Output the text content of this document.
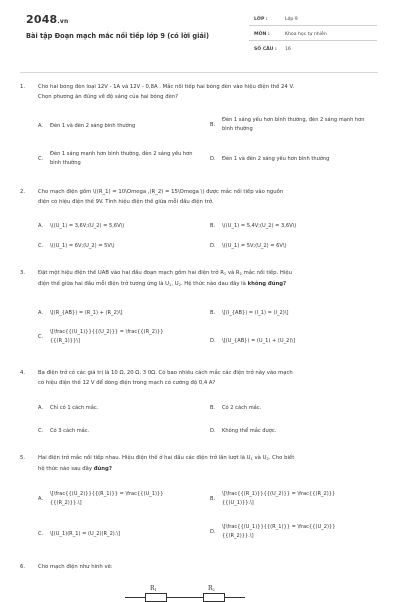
2048.vn
Bài tập Đoạn mạch mắc nối tiếp lớp 9 (có lời giải)
LỚP :	Lớp 9
MÔN :	Khoa học tự nhiên
SỐ CÂU : 16
1. Cho hai bóng đèn loại 12V - 1A và 12V - 0,8A . Mắc nối tiếp hai bóng đèn vào hiệu điện thế 24 V.
Chọn phương án đúng về độ sáng của hai bóng đèn?
A. Đèn 1 và đèn 2 sáng bình thường	B.
Đèn 1 sáng yếu hơn bình thường, đèn 2 sáng mạnh hơn bình thường
C.
Đèn 1 sáng mạnh hơn bình thường, đèn 2 sáng yếu hơn bình thường
D. Đèn 1 và đèn 2 sáng yếu hơn bình thường
2. Cho mạch điện gồm \((R_1) = 10\Omega ,(R_2) = 15\Omega \) được mắc nối tiếp vào nguồn
điện có hiệu điện thế 9V. Tính hiệu điện thế giữa mỗi đầu điện trở.
A. \((U_1) = 3,6V;(U_2) = 5,6V\)	B. \((U_1) = 5,4V;(U_2) = 3,6V\)
C. \((U_1) = 6V;(U_2) = 5V\)	D. \((U_1) = 5V;(U_2) = 6V\)
3. Đặt một hiệu điện thế UAB vào hai đầu đoạn mạch gồm hai điện trở $R_1$ và $R_2$ mắc nối tiếp. Hiệu
điện thế giữa hai đầu mỗi điện trở tương ứng là $U_1$, $U_2$. Hệ thức nào dau đây là không đúng?
A. \[(R_{AB}) = (R_1) + (R_2)\]	B. \[(I_{AB}) = (I_1) = (I_2)\]
C.
\[\frac{{(U_1)}}{{(U_2)}} = \frac{{(R_2)}}{{(R_1)}}\]	D. \[(U_{AB}) = (U_1) + (U_2)\]
4. Ba điện trở có các giá trị là 10 Ω, 20 Ω, 3 0Ω. Có bao nhiêu cách mắc các điện trở này vào mạch
có hiệu điện thế 12 V để dòng điện trong mạch có cường độ 0,4 A?
A. Chỉ có 1 cách mắc.	B. Có 2 cách mắc.
C. Có 3 cách mắc.	D. Không thể mắc được.
5. Hai điện trở mắc nối tiếp nhau. Hiệu điện thế ở hai đầu các điện trở lần lượt là $U_1$ và $U_2$. Cho biết
hệ thức nào sau đây đúng?
A.
\[\frac{{(U_2)}}{{(R_1)}} = \frac{{(U_1)}}{{(R_2)}}.\]
B.
\[\frac{{(R_1)}}{{(U_2)}} = \frac{{(R_2)}}{{(U_1)}}.\]
C. \[(U_1)(R_1) = (U_2)(R_2).\]	D.
\[\frac{{(U_1)}}{{(R_1)}} = \frac{{(U_2)}}{{(R_2)}}.\]
6. Cho mạch điện như hình vẽ:
$R_1$	$R_2$
